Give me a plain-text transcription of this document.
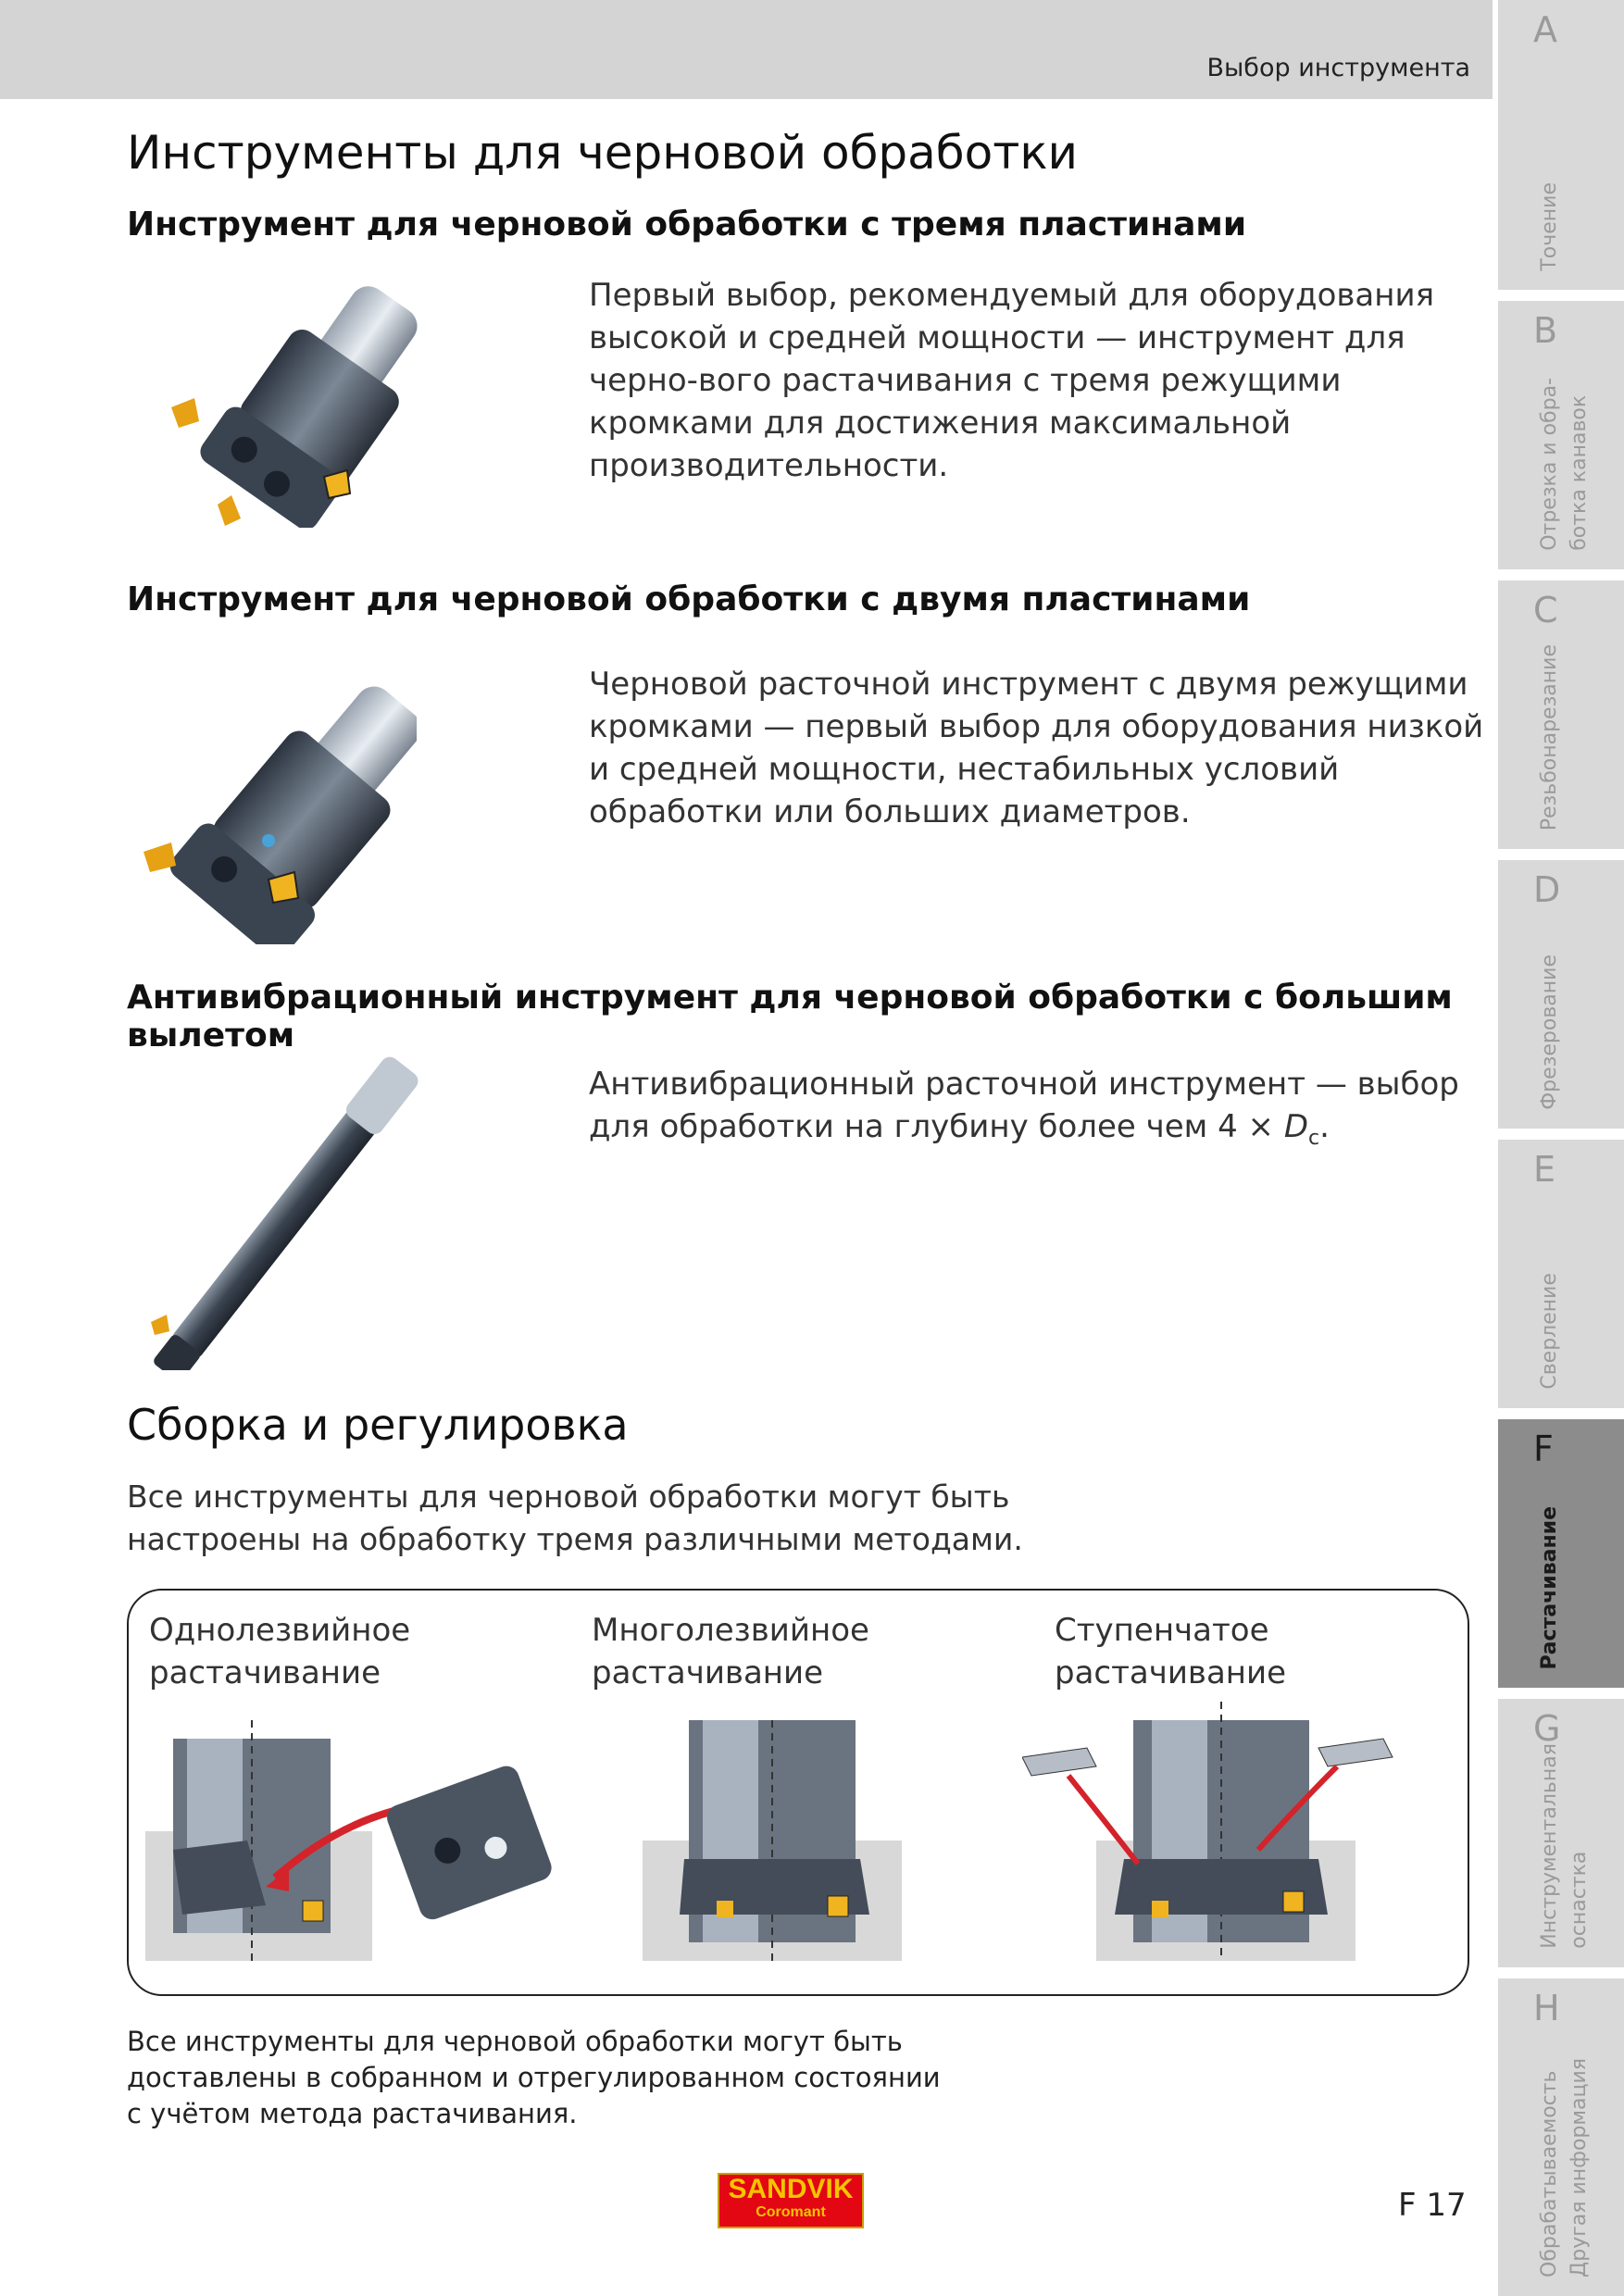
Выбор инструмента
A
Точение
B
Отрезка и обра-
ботка канавок
C
Резьбонарезание
D
Фрезерование
E
Сверление
F
Растачивание
G
Инструментальная
оснастка
H
Обрабатываемость
Другая информация
Инструменты для черновой обработки
Инструмент для черновой обработки с тремя пластинами
Первый выбор, рекомендуемый для оборудования высокой и средней мощности — инструмент для черно-вого растачивания с тремя режущими кромками для достижения максимальной производительности.
Инструмент для черновой обработки с двумя пластинами
Черновой расточной инструмент с двумя режущими кромками — первый выбор для оборудования низкой и средней мощности, нестабильных условий обработки или больших диаметров.
Антивибрационный инструмент для черновой обработки с большим вылетом
Антивибрационный расточной инструмент — выбор для обработки на глубину более чем $4 \times D_c$.
Сборка и регулировка
Все инструменты для черновой обработки могут быть настроены на обработку тремя различными методами.
Однолезвийное растачивание
Многолезвийное растачивание
Ступенчатое растачивание
Все инструменты для черновой обработки могут быть доставлены в собранном и отрегулированном состоянии с учётом метода растачивания.
SANDVIK
Coromant	F 17
